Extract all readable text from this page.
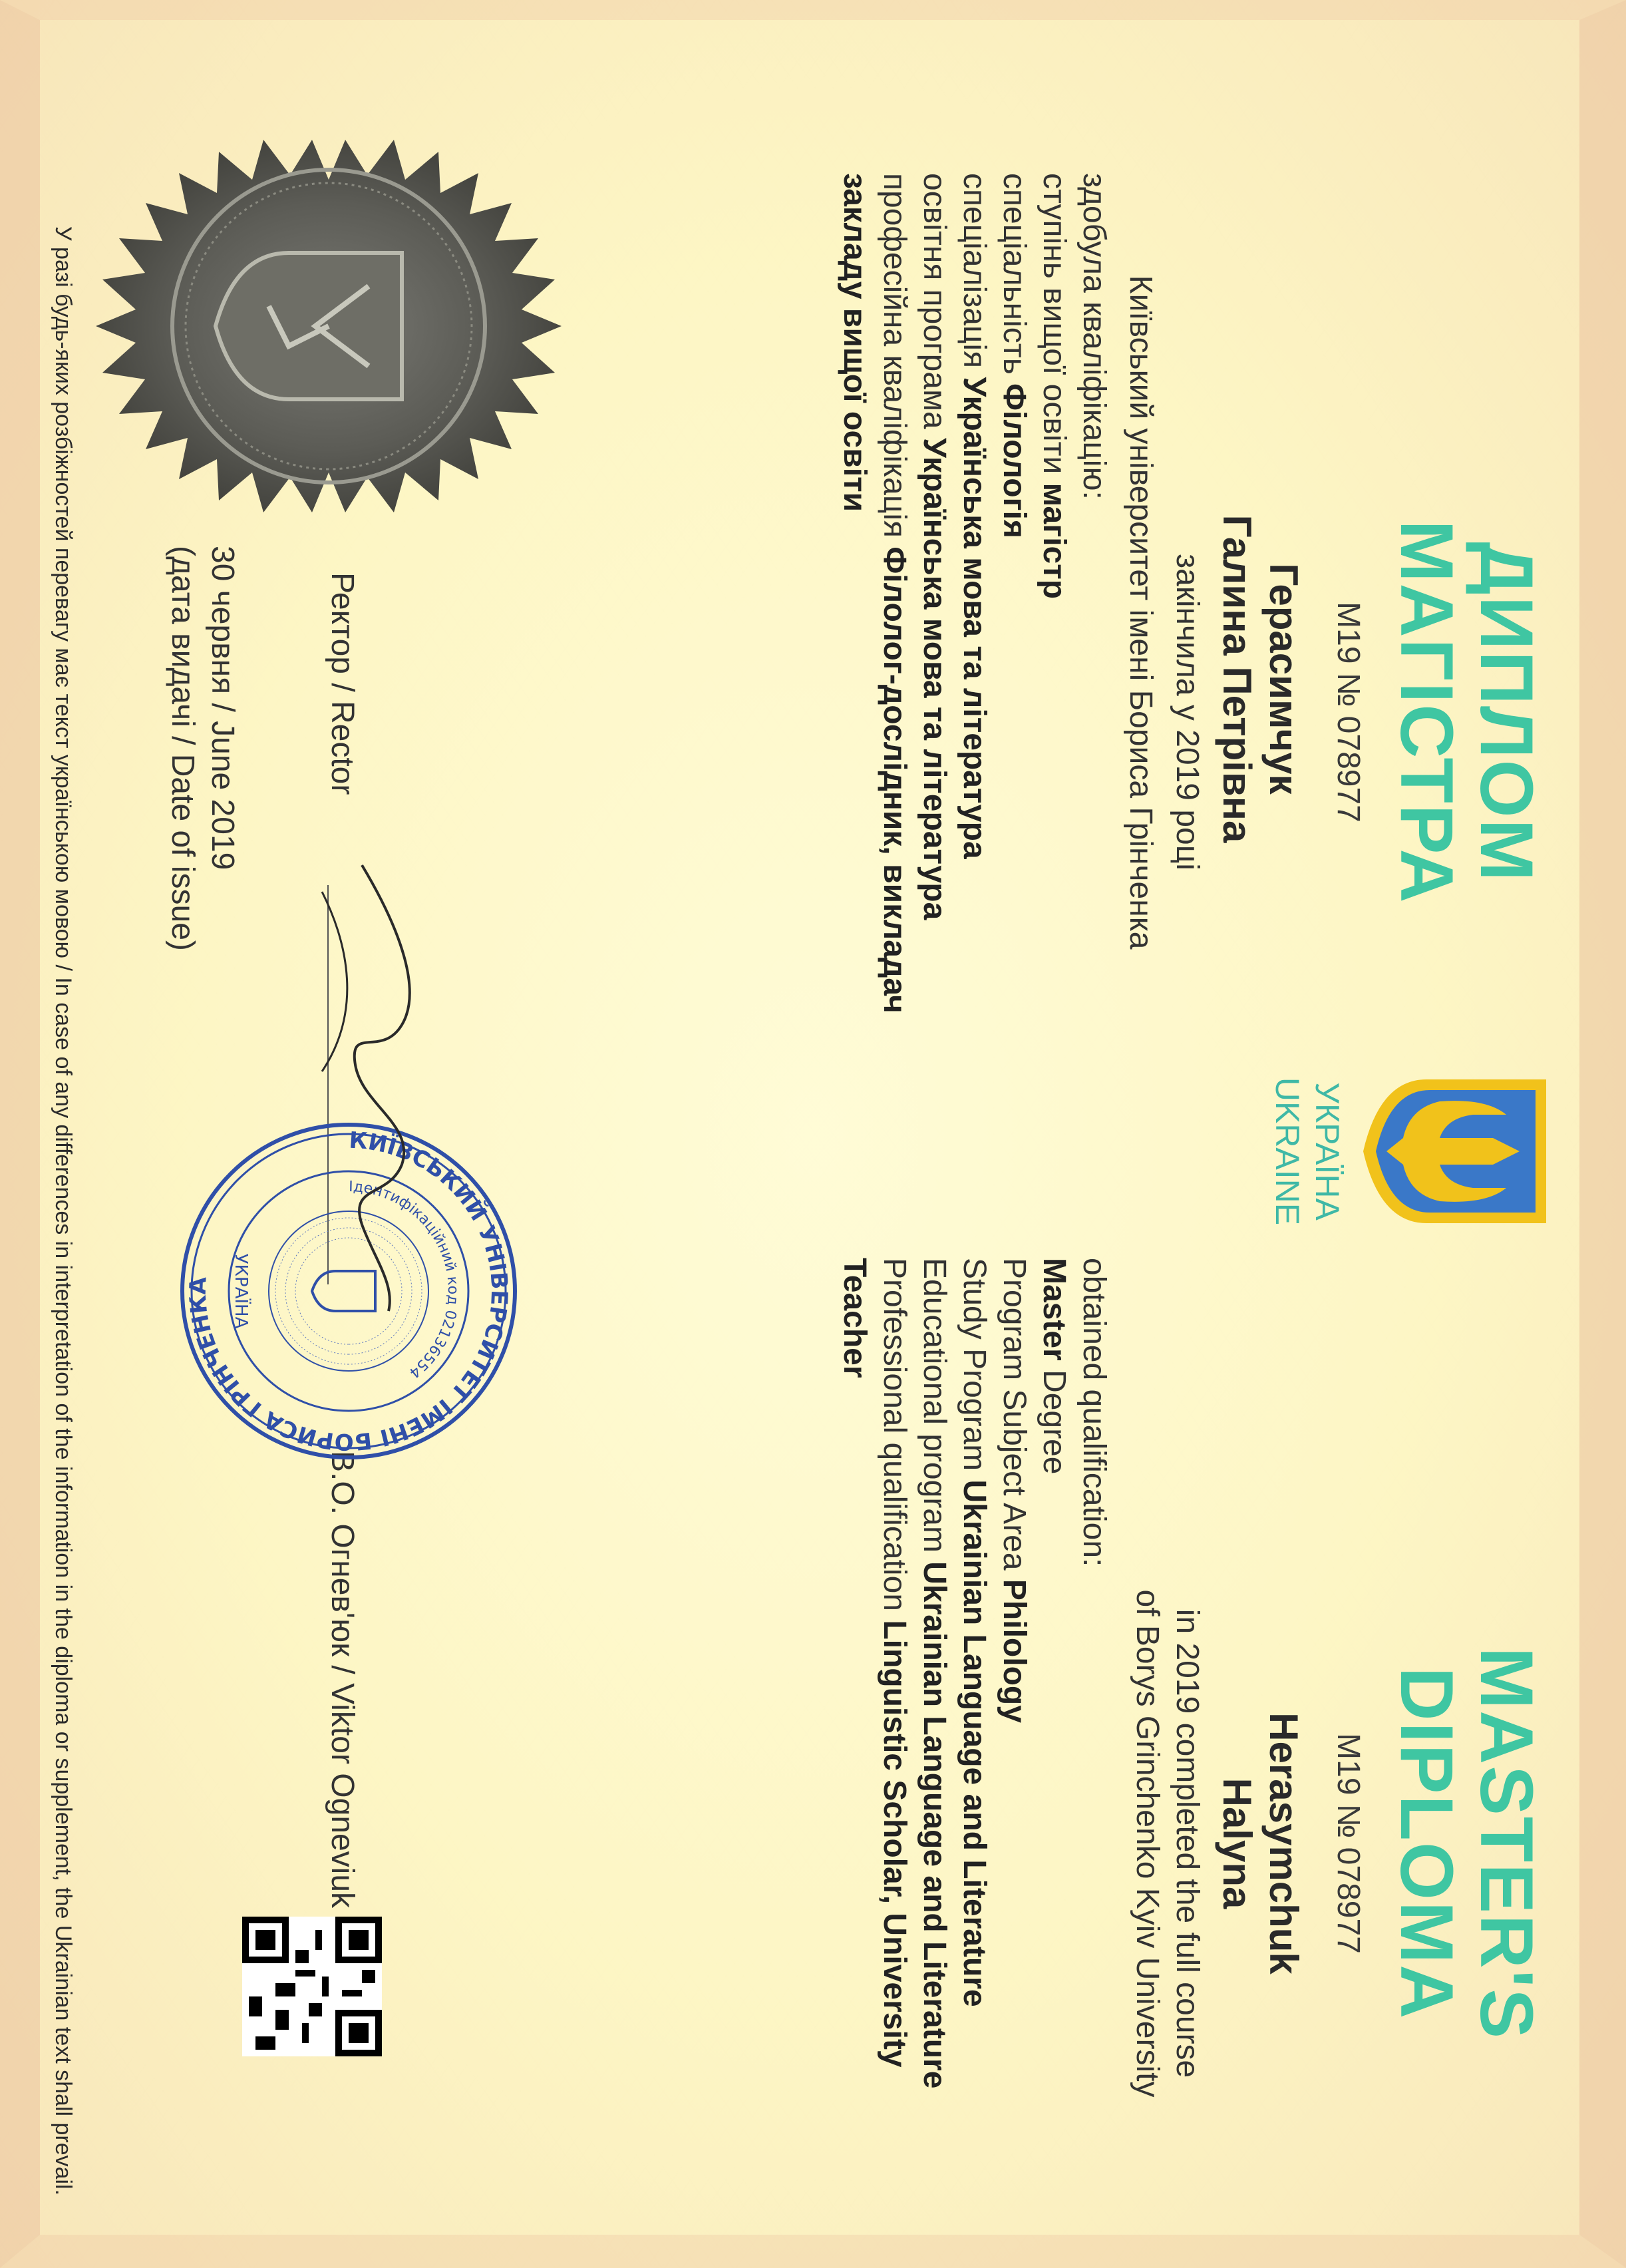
ДИПЛОМ
МАГІСТРА
M19 № 078977
Герасимчук
Галина Петрівна
закінчила у 2019 році
Київський університет імені Бориса Грінченка
здобула кваліфікацію:
ступінь вищої освіти магістр
спеціальність Філологія
спеціалізація Українська мова та література
освітня програма Українська мова та література
професійна кваліфікація Філолог-дослідник, викладач
закладу вищої освіти
Ректор / Rector
30 червня / June 2019
(дата видачі / Date of issue)
УКРАЇНА
UKRAINE
MASTER'S
DIPLOMA
M19 № 078977
Herasymchuk
Halyna
in 2019 completed the full course
of Borys Grinchenko Kyiv University
obtained qualification:
Master Degree
Program Subject Area Philology
Study Program Ukrainian Language and Literature
Educational program Ukrainian Language and Literature
Professional qualification Linguistic Scholar, University
Teacher
В.О. Огнев'юк / Viktor Ogneviuk
КИЇВСЬКИЙ УНІВЕРСИТЕТ ІМЕНІ БОРИСА ГРІНЧЕНКА
Ідентифікаційний код 02136554
УКРАЇНА
У разі будь-яких розбіжностей перевагу має текст українською мовою / In case of any differences in interpretation of the information in the diploma or supplement, the Ukrainian text shall prevail.
